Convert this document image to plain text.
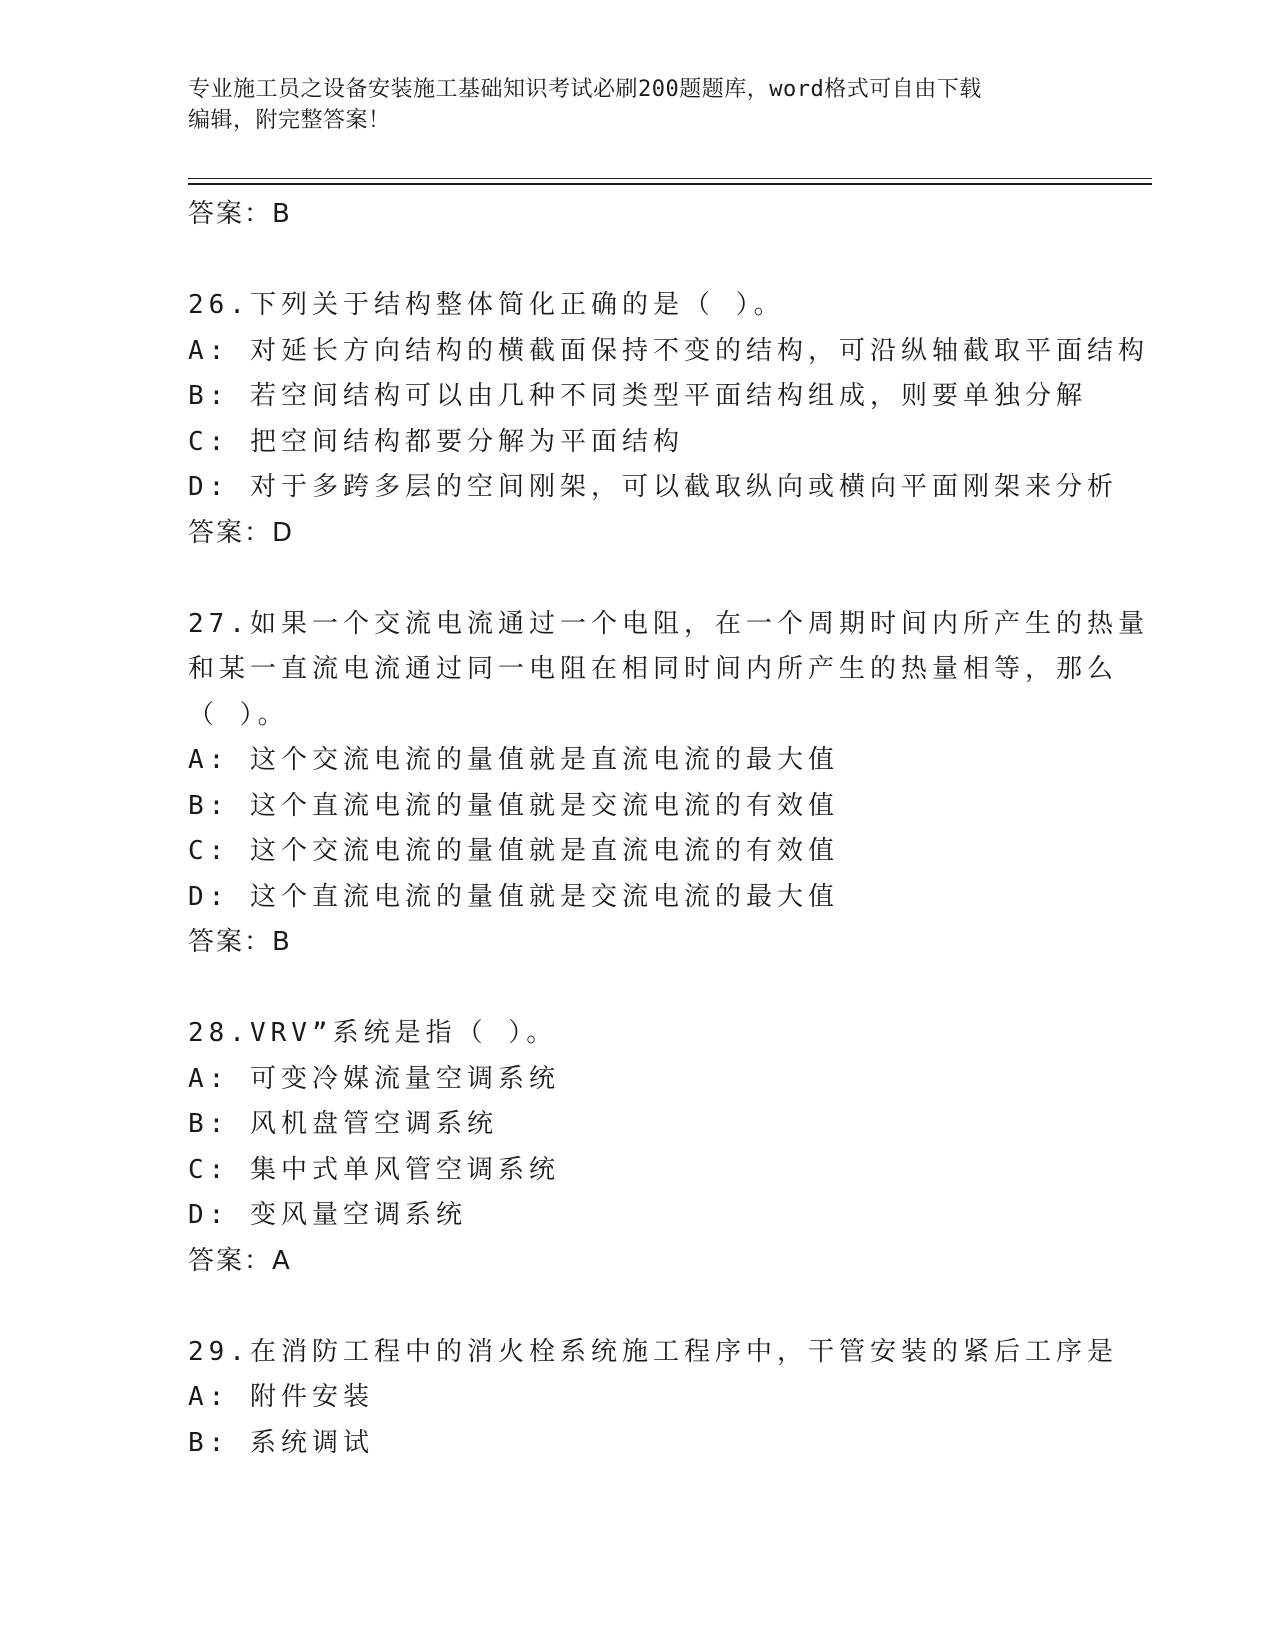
专业施工员之设备安装施工基础知识考试必刷200题题库，word格式可自由下载
编辑，附完整答案！
答案：B
26.下列关于结构整体简化正确的是（ ）。
A: 对延长方向结构的横截面保持不变的结构，可沿纵轴截取平面结构
B: 若空间结构可以由几种不同类型平面结构组成，则要单独分解
C: 把空间结构都要分解为平面结构
D: 对于多跨多层的空间刚架，可以截取纵向或横向平面刚架来分析
答案：D
27.如果一个交流电流通过一个电阻，在一个周期时间内所产生的热量
和某一直流电流通过同一电阻在相同时间内所产生的热量相等，那么
（ ）。
A: 这个交流电流的量值就是直流电流的最大值
B: 这个直流电流的量值就是交流电流的有效值
C: 这个交流电流的量值就是直流电流的有效值
D: 这个直流电流的量值就是交流电流的最大值
答案：B
28.VRV”系统是指（ ）。
A: 可变冷媒流量空调系统
B: 风机盘管空调系统
C: 集中式单风管空调系统
D: 变风量空调系统
答案：A
29.在消防工程中的消火栓系统施工程序中，干管安装的紧后工序是
A: 附件安装
B: 系统调试
